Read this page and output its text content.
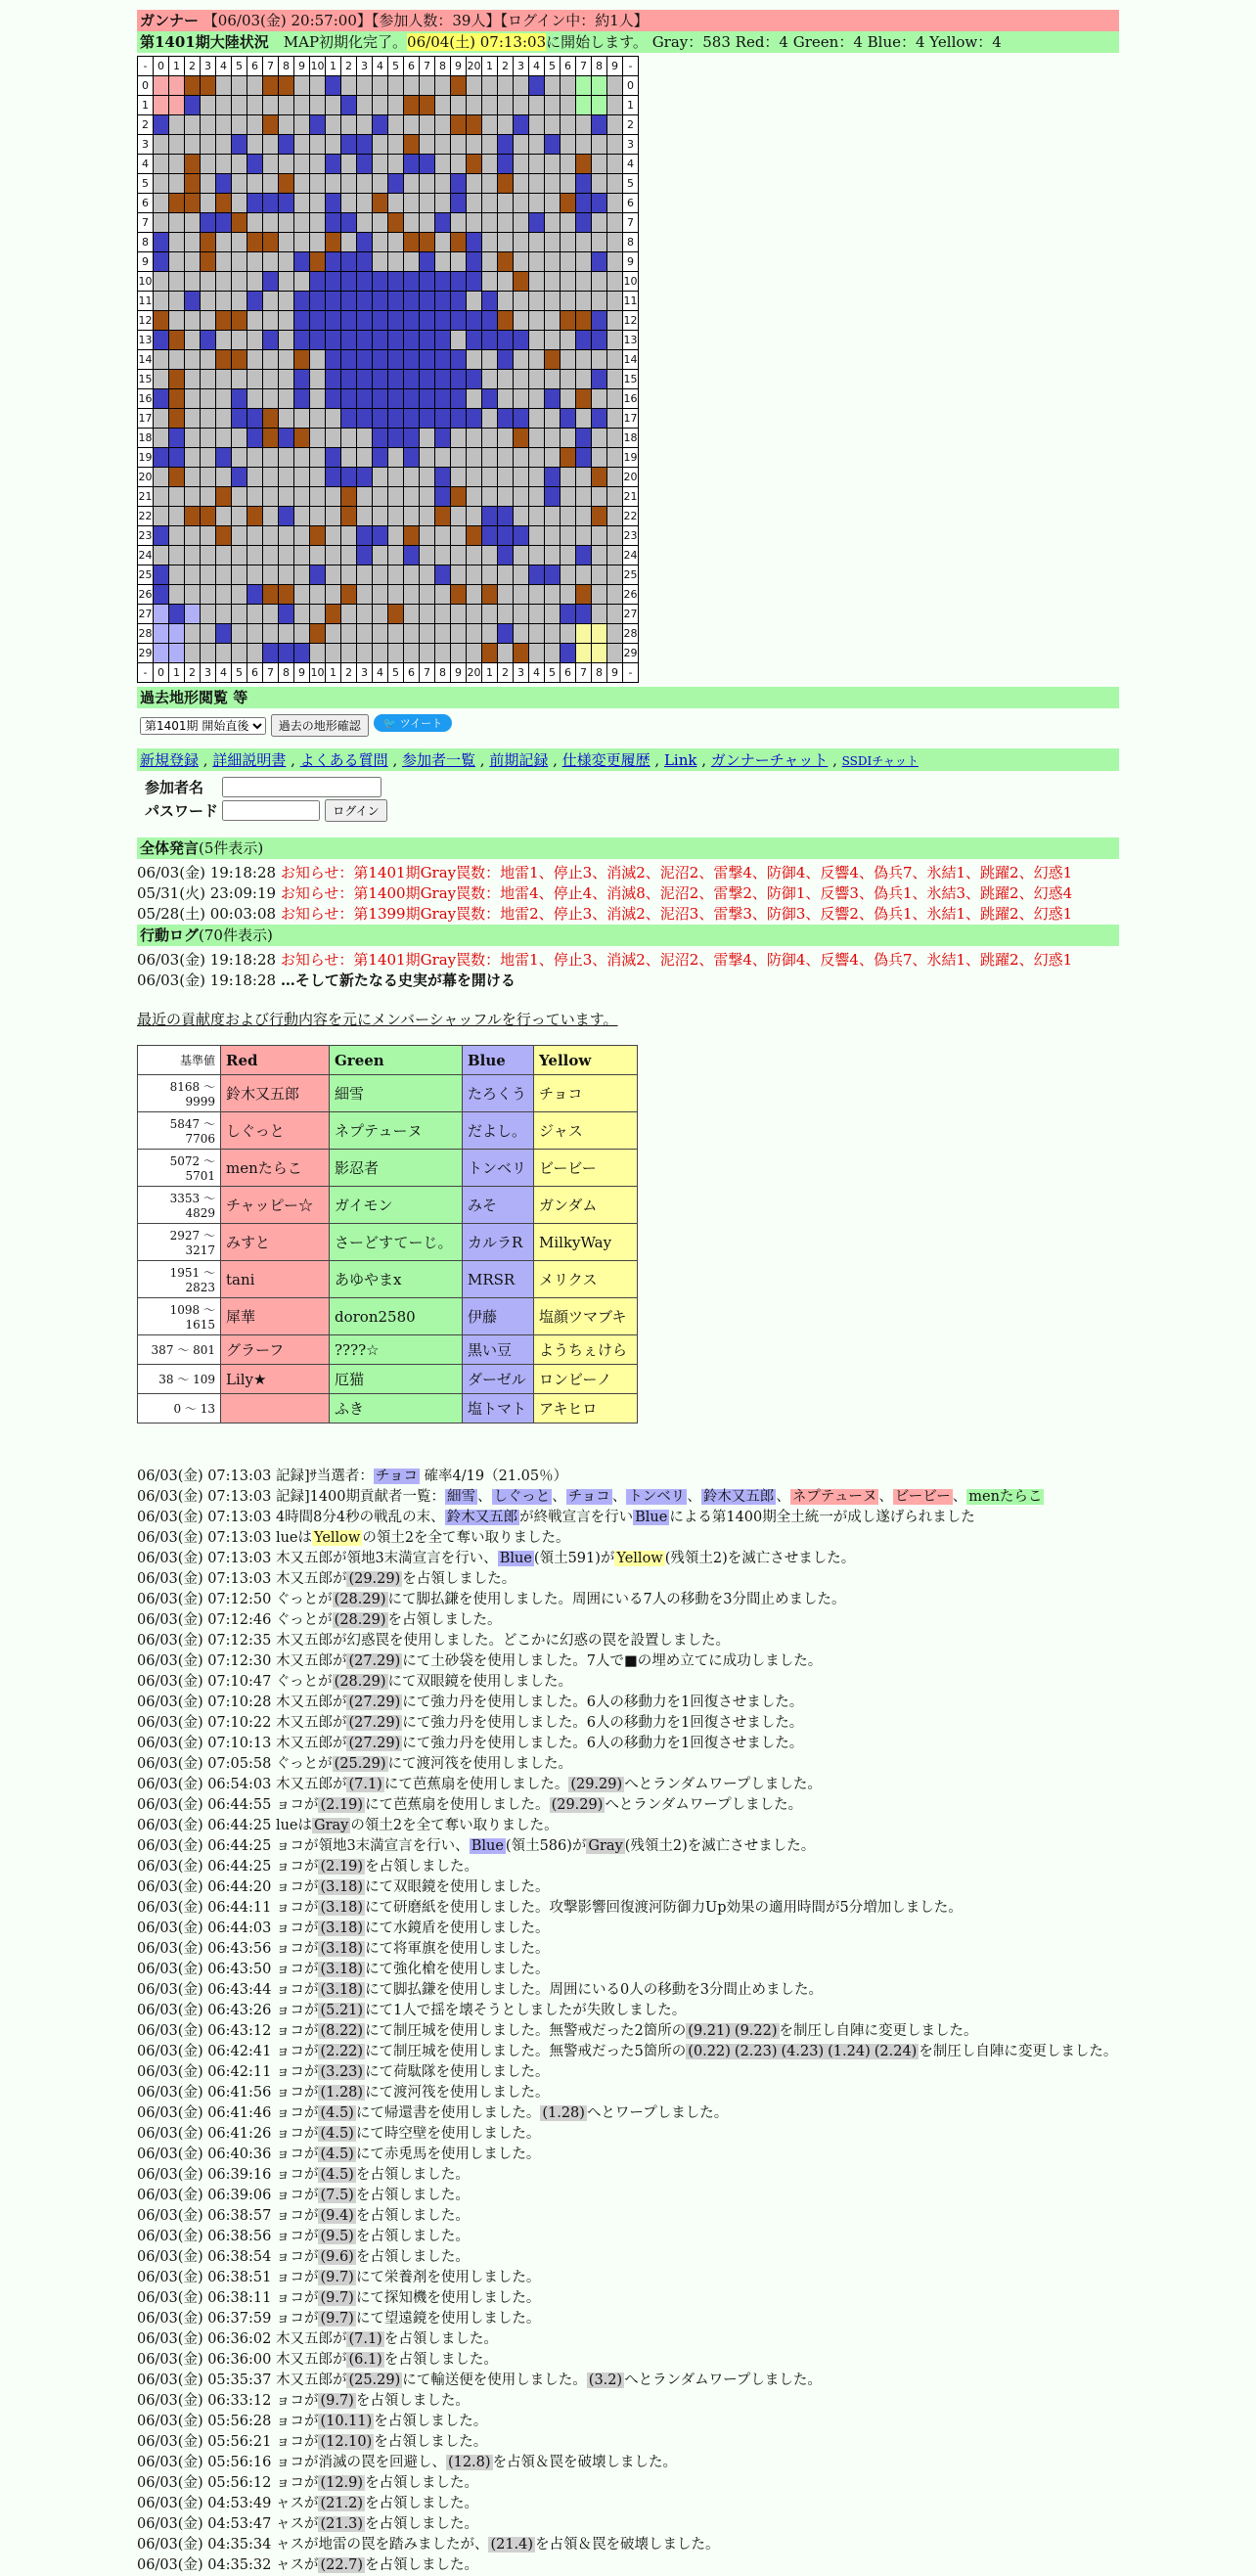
ガンナー 【06/03(金) 20:57:00】【参加人数：39人】【ログイン中：約1人】
第1401期大陸状況　MAP初期化完了。06/04(土) 07:13:03に開始します。 Gray：583 Red：4 Green：4 Blue：4 Yellow：4
-	0	1	2	3	4	5	6	7	8	9	10	1	2	3	4	5	6	7	8	9	20	1	2	3	4	5	6	7	8	9	-
0																															0
1																															1
2																															2
3																															3
4																															4
5																															5
6																															6
7																															7
8																															8
9																															9
10																															10
11																															11
12																															12
13																															13
14																															14
15																															15
16																															16
17																															17
18																															18
19																															19
20																															20
21																															21
22																															22
23																															23
24																															24
25																															25
26																															26
27																															27
28																															28
29																															29
-	0	1	2	3	4	5	6	7	8	9	10	1	2	3	4	5	6	7	8	9	20	1	2	3	4	5	6	7	8	9	-
過去地形閲覧 等
第1401期 開始直後 過去の地形確認 🐦 ツイート
新規登録 , 詳細説明書 , よくある質問 , 参加者一覧 , 前期記録 , 仕様変更履歴 , Link , ガンナーチャット , SSDIチャット
参加者名	
パスワード	ログイン
全体発言(5件表示)
06/03(金) 19:18:28 お知らせ：第1401期Gray罠数：地雷1、停止3、消滅2、泥沼2、雷撃4、防御4、反響4、偽兵7、氷結1、跳躍2、幻惑1
05/31(火) 23:09:19 お知らせ：第1400期Gray罠数：地雷4、停止4、消滅8、泥沼2、雷撃2、防御1、反響3、偽兵1、氷結3、跳躍2、幻惑4
05/28(土) 00:03:08 お知らせ：第1399期Gray罠数：地雷2、停止3、消滅2、泥沼3、雷撃3、防御3、反響2、偽兵1、氷結1、跳躍2、幻惑1
行動ログ(70件表示)
06/03(金) 19:18:28 お知らせ：第1401期Gray罠数：地雷1、停止3、消滅2、泥沼2、雷撃4、防御4、反響4、偽兵7、氷結1、跳躍2、幻惑1
06/03(金) 19:18:28 …そして新たなる史実が幕を開ける
最近の貢献度および行動内容を元にメンバーシャッフルを行っています。
基準値	Red	Green	Blue	Yellow
8168 ～ 9999	鈴木又五郎	細雪	たろくう	チョコ
5847 ～ 7706	しぐっと	ネプテューヌ	だよし。	ジャス
5072 ～ 5701	menたらこ	影忍者	トンベリ	ビービー
3353 ～ 4829	チャッピー☆	ガイモン	みそ	ガンダム
2927 ～ 3217	みすと	さーどすてーじ。	カルラR	MilkyWay
1951 ～ 2823	tani	あゆやまx	MRSR	メリクス
1098 ～ 1615	犀華	doron2580	伊藤	塩顔ツマブキ
387 ～ 801	グラーフ	????☆	黒い豆	ようちぇけら
38 ～ 109	Lily★	厄猫	ダーゼル	ロンビーノ
0 ～ 13		ふき	塩トマト	アキヒロ
06/03(金) 07:13:03 記録]ｻ当選者： チョコ 確率4/19（21.05％）
06/03(金) 07:13:03 記録]1400期貢献者一覧： 細雪 、 しぐっと 、 チョコ 、 トンベリ 、 鈴木又五郎 、 ネプテューヌ 、 ビービー 、 menたらこ
06/03(金) 07:13:03 4時間8分4秒の戦乱の末、 鈴木又五郎 が終戦宣言を行い Blue による第1400期全土統一が成し遂げられました
06/03(金) 07:13:03 lueは Yellow の領土2を全て奪い取りました。
06/03(金) 07:13:03 木又五郎が領地3末満宣言を行い、 Blue (領土591)が Yellow (残領土2)を滅亡させました。
06/03(金) 07:13:03 木又五郎が (29.29) を占領しました。
06/03(金) 07:12:50 ぐっとが (28.29) にて脚払鎌を使用しました。周囲にいる7人の移動を3分間止めました。
06/03(金) 07:12:46 ぐっとが (28.29) を占領しました。
06/03(金) 07:12:35 木又五郎が幻惑罠を使用しました。どこかに幻惑の罠を設置しました。
06/03(金) 07:12:30 木又五郎が (27.29) にて土砂袋を使用しました。7人で■の埋め立てに成功しました。
06/03(金) 07:10:47 ぐっとが (28.29) にて双眼鏡を使用しました。
06/03(金) 07:10:28 木又五郎が (27.29) にて強力丹を使用しました。6人の移動力を1回復させました。
06/03(金) 07:10:22 木又五郎が (27.29) にて強力丹を使用しました。6人の移動力を1回復させました。
06/03(金) 07:10:13 木又五郎が (27.29) にて強力丹を使用しました。6人の移動力を1回復させました。
06/03(金) 07:05:58 ぐっとが (25.29) にて渡河筏を使用しました。
06/03(金) 06:54:03 木又五郎が (7.1) にて芭蕉扇を使用しました。 (29.29) へとランダムワープしました。
06/03(金) 06:44:55 ョコが (2.19) にて芭蕉扇を使用しました。 (29.29) へとランダムワープしました。
06/03(金) 06:44:25 lueは Gray の領土2を全て奪い取りました。
06/03(金) 06:44:25 ョコが領地3末満宣言を行い、 Blue (領土586)が Gray (残領土2)を滅亡させました。
06/03(金) 06:44:25 ョコが (2.19) を占領しました。
06/03(金) 06:44:20 ョコが (3.18) にて双眼鏡を使用しました。
06/03(金) 06:44:11 ョコが (3.18) にて研磨紙を使用しました。攻撃影響回復渡河防御力Up効果の適用時間が5分増加しました。
06/03(金) 06:44:03 ョコが (3.18) にて水鏡盾を使用しました。
06/03(金) 06:43:56 ョコが (3.18) にて将軍旗を使用しました。
06/03(金) 06:43:50 ョコが (3.18) にて強化槍を使用しました。
06/03(金) 06:43:44 ョコが (3.18) にて脚払鎌を使用しました。周囲にいる0人の移動を3分間止めました。
06/03(金) 06:43:26 ョコが (5.21) にて1人で揺を壊そうとしましたが失敗しました。
06/03(金) 06:43:12 ョコが (8.22) にて制圧城を使用しました。無警戒だった2箇所の (9.21) (9.22) を制圧し自陣に変更しました。
06/03(金) 06:42:41 ョコが (2.22) にて制圧城を使用しました。無警戒だった5箇所の (0.22) (2.23) (4.23) (1.24) (2.24) を制圧し自陣に変更しました。
06/03(金) 06:42:11 ョコが (3.23) にて荷駄隊を使用しました。
06/03(金) 06:41:56 ョコが (1.28) にて渡河筏を使用しました。
06/03(金) 06:41:46 ョコが (4.5) にて帰還書を使用しました。 (1.28) へとワープしました。
06/03(金) 06:41:26 ョコが (4.5) にて時空壁を使用しました。
06/03(金) 06:40:36 ョコが (4.5) にて赤兎馬を使用しました。
06/03(金) 06:39:16 ョコが (4.5) を占領しました。
06/03(金) 06:39:06 ョコが (7.5) を占領しました。
06/03(金) 06:38:57 ョコが (9.4) を占領しました。
06/03(金) 06:38:56 ョコが (9.5) を占領しました。
06/03(金) 06:38:54 ョコが (9.6) を占領しました。
06/03(金) 06:38:51 ョコが (9.7) にて栄養剤を使用しました。
06/03(金) 06:38:11 ョコが (9.7) にて探知機を使用しました。
06/03(金) 06:37:59 ョコが (9.7) にて望遠鏡を使用しました。
06/03(金) 06:36:02 木又五郎が (7.1) を占領しました。
06/03(金) 06:36:00 木又五郎が (6.1) を占領しました。
06/03(金) 05:35:37 木又五郎が (25.29) にて輸送便を使用しました。 (3.2) へとランダムワープしました。
06/03(金) 06:33:12 ョコが (9.7) を占領しました。
06/03(金) 05:56:28 ョコが (10.11) を占領しました。
06/03(金) 05:56:21 ョコが (12.10) を占領しました。
06/03(金) 05:56:16 ョコが消滅の罠を回避し、 (12.8) を占領＆罠を破壊しました。
06/03(金) 05:56:12 ョコが (12.9) を占領しました。
06/03(金) 04:53:49 ャスが (21.2) を占領しました。
06/03(金) 04:53:47 ャスが (21.3) を占領しました。
06/03(金) 04:35:34 ャスが地雷の罠を踏みましたが、 (21.4) を占領＆罠を破壊しました。
06/03(金) 04:35:32 ャスが (22.7) を占領しました。
